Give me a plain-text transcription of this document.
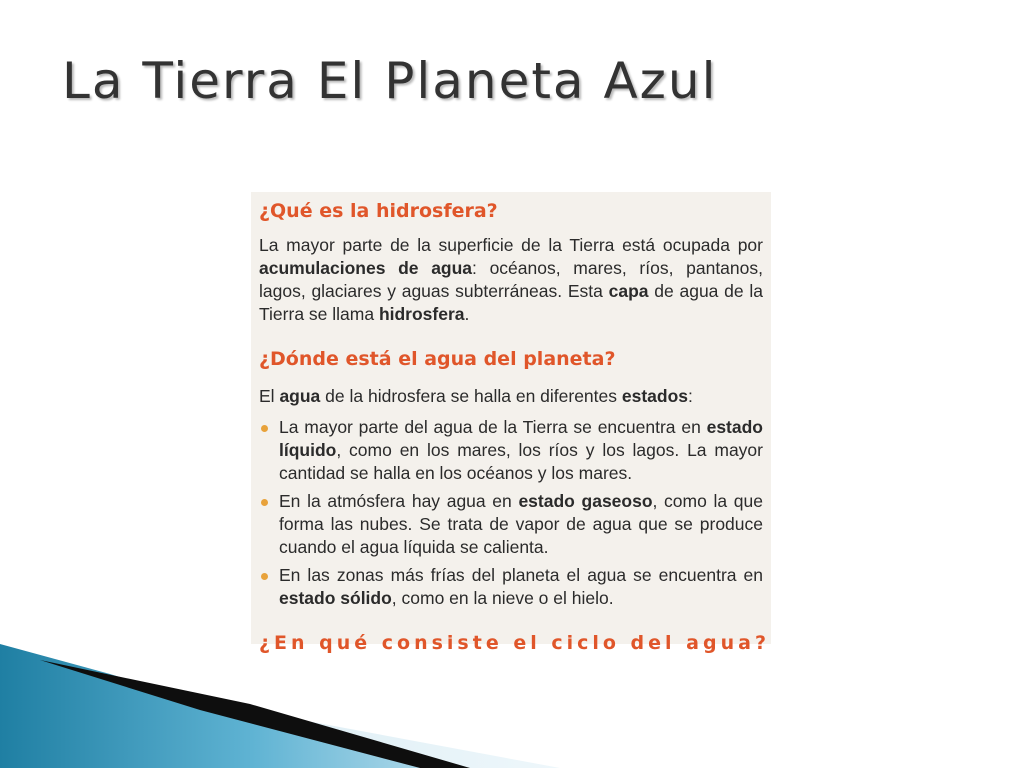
La Tierra El Planeta Azul
¿Qué es la hidrosfera?

La mayor parte de la superficie de la Tierra está ocupada por acumulaciones de agua: océanos, mares, ríos, pantanos, lagos, glaciares y aguas subterráneas. Esta capa de agua de la Tierra se llama hidrosfera.

¿Dónde está el agua del planeta?

El agua de la hidrosfera se halla en diferentes estados:

La mayor parte del agua de la Tierra se encuentra en estado líquido, como en los mares, los ríos y los lagos. La mayor cantidad se halla en los océanos y los mares.
En la atmósfera hay agua en estado gaseoso, como la que forma las nubes. Se trata de vapor de agua que se produce cuando el agua líquida se calienta.
En las zonas más frías del planeta el agua se encuentra en estado sólido, como en la nieve o el hielo.
¿En qué consiste el ciclo del agua?
